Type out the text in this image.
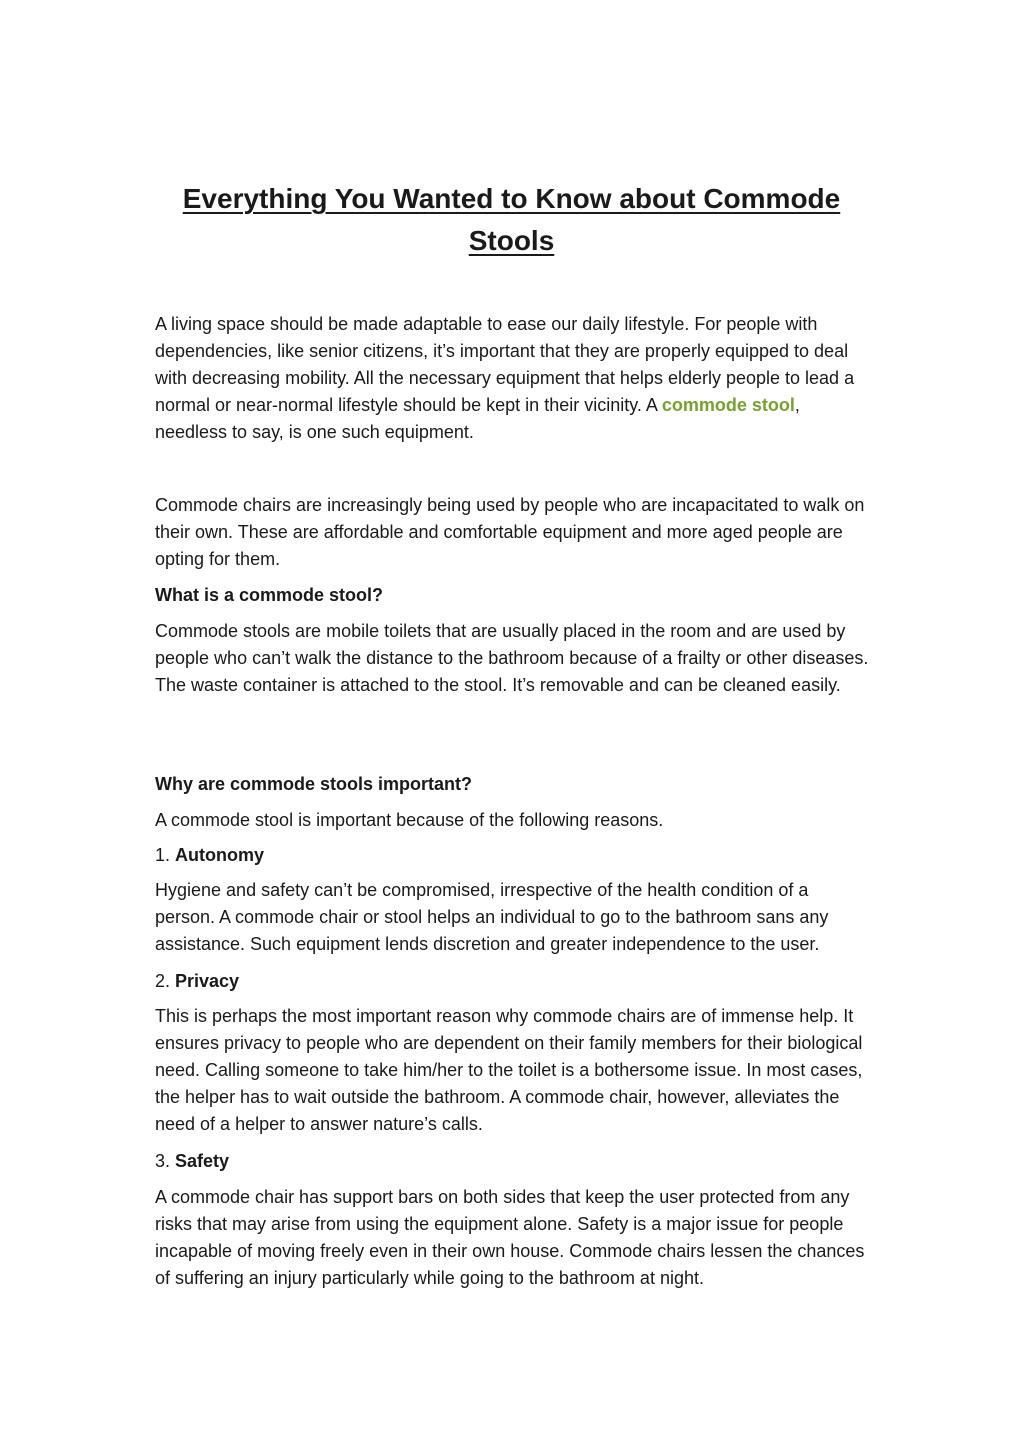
Everything You Wanted to Know about Commode
Stools

A living space should be made adaptable to ease our daily lifestyle. For people with dependencies, like senior citizens, it’s important that they are properly equipped to deal with decreasing mobility. All the necessary equipment that helps elderly people to lead a normal or near-normal lifestyle should be kept in their vicinity. A commode stool, needless to say, is one such equipment.

Commode chairs are increasingly being used by people who are incapacitated to walk on their own. These are affordable and comfortable equipment and more aged people are opting for them.

What is a commode stool?

Commode stools are mobile toilets that are usually placed in the room and are used by people who can’t walk the distance to the bathroom because of a frailty or other diseases. The waste container is attached to the stool. It’s removable and can be cleaned easily.

Why are commode stools important?

A commode stool is important because of the following reasons.

1. Autonomy

Hygiene and safety can’t be compromised, irrespective of the health condition of a person. A commode chair or stool helps an individual to go to the bathroom sans any assistance. Such equipment lends discretion and greater independence to the user.

2. Privacy

This is perhaps the most important reason why commode chairs are of immense help. It ensures privacy to people who are dependent on their family members for their biological need. Calling someone to take him/her to the toilet is a bothersome issue. In most cases, the helper has to wait outside the bathroom. A commode chair, however, alleviates the need of a helper to answer nature’s calls.

3. Safety

A commode chair has support bars on both sides that keep the user protected from any risks that may arise from using the equipment alone. Safety is a major issue for people incapable of moving freely even in their own house. Commode chairs lessen the chances of suffering an injury particularly while going to the bathroom at night.
